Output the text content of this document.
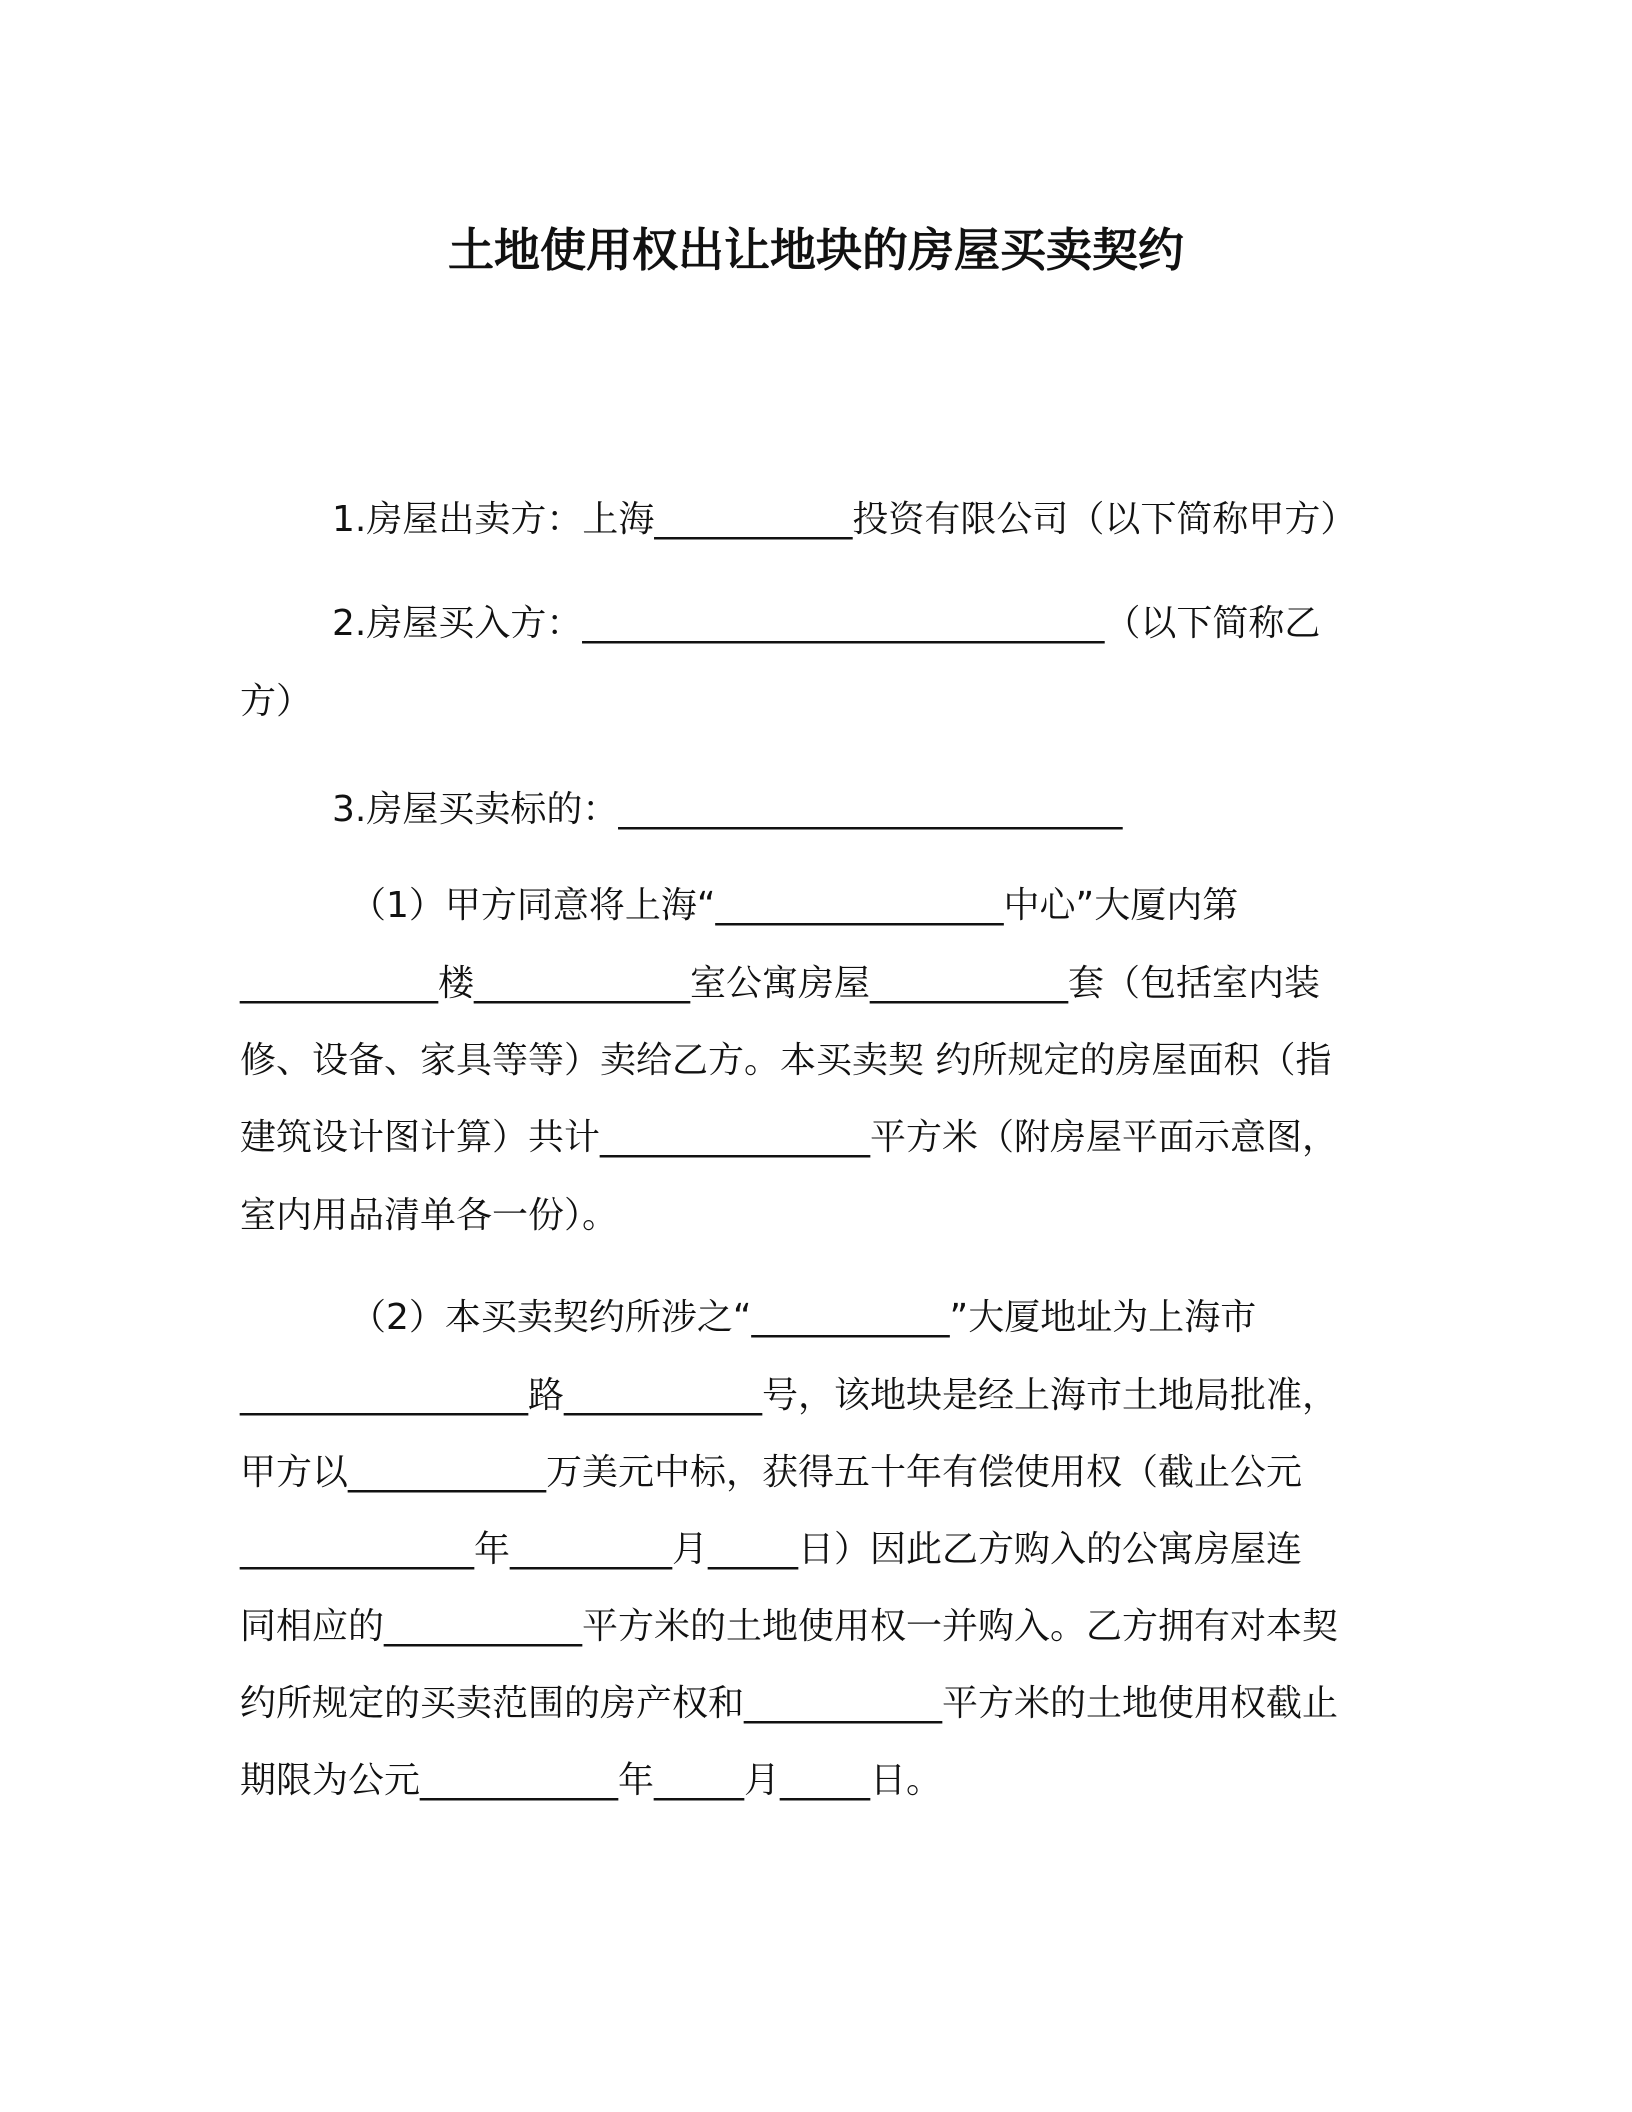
土地使用权出让地块的房屋买卖契约
1.房屋出卖方：上海___________投资有限公司（以下简称甲方）
2.房屋买入方：_____________________________（以下简称乙
方）
3.房屋买卖标的：____________________________
（1）甲方同意将上海“________________中心”大厦内第
___________楼____________室公寓房屋___________套（包括室内装
修、设备、家具等等）卖给乙方。本买卖契 约所规定的房屋面积（指
建筑设计图计算）共计_______________平方米（附房屋平面示意图，
室内用品清单各一份）。
（2）本买卖契约所涉之“___________”大厦地址为上海市
________________路___________号，该地块是经上海市土地局批准，
甲方以___________万美元中标，获得五十年有偿使用权（截止公元
_____________年_________月_____日）因此乙方购入的公寓房屋连
同相应的___________平方米的土地使用权一并购入。乙方拥有对本契
约所规定的买卖范围的房产权和___________平方米的土地使用权截止
期限为公元___________年_____月_____日。
